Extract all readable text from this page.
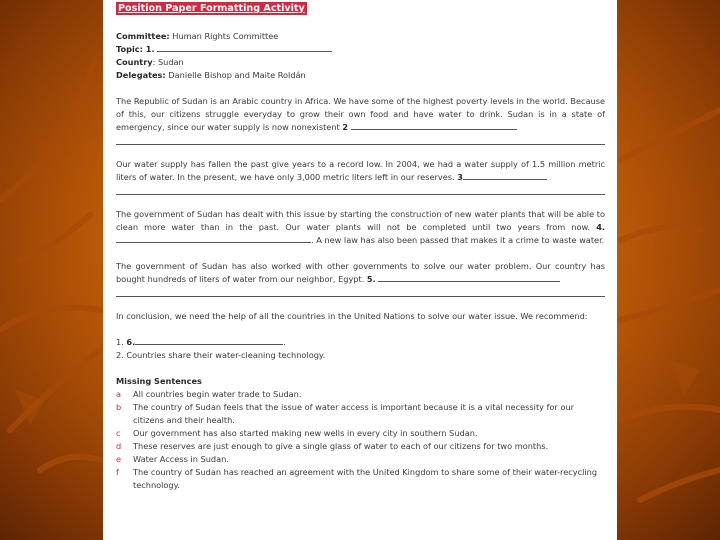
Position Paper Formatting Activity
Committee: Human Rights Committee
Topic: 1.
Country: Sudan
Delegates: Danielle Bishop and Maite Roldán

The Republic of Sudan is an Arabic country in Africa. We have some of the highest poverty levels in the world. Because of this, our citizens struggle everyday to grow their own food and have water to drink. Sudan is in a state of emergency, since our water supply is now nonexistent 2

Our water supply has fallen the past give years to a record low. In 2004, we had a water supply of 1.5 million metric liters of water. In the present, we have only 3,000 metric liters left in our reserves. 3

The government of Sudan has dealt with this issue by starting the construction of new water plants that will be able to clean more water than in the past. Our water plants will not be completed until two years from now. 4. . A new law has also been passed that makes it a crime to waste water.

The government of Sudan has also worked with other governments to solve our water problem. Our country has bought hundreds of liters of water from our neighbor, Egypt. 5.

In conclusion, we need the help of all the countries in the United Nations to solve our water issue. We recommend:

1. 6.	.
2. Countries share their water-cleaning technology.
Missing Sentences
a	All countries begin water trade to Sudan.
b	The country of Sudan feels that the issue of water access is important because it is a vital necessity for our citizens and their health.
c	Our government has also started making new wells in every city in southern Sudan.
d	These reserves are just enough to give a single glass of water to each of our citizens for two months.
e	Water Access in Sudan.
f	The country of Sudan has reached an agreement with the United Kingdom to share some of their water-recycling technology.
